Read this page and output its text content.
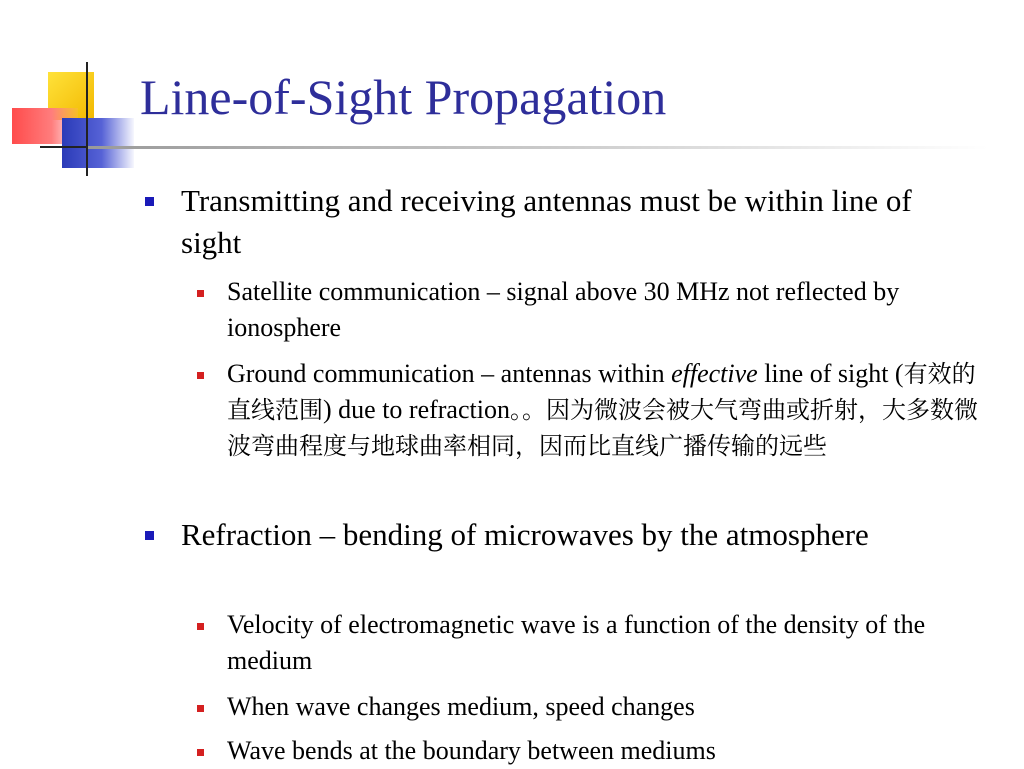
Line-of-Sight Propagation
Transmitting and receiving antennas must be within line of sight
Satellite communication – signal above 30 MHz not reflected by ionosphere
Ground communication – antennas within effective line of sight (有效的直线范围) due to refraction。。因为微波会被大气弯曲或折射，大多数微波弯曲程度与地球曲率相同，因而比直线广播传输的远些
Refraction – bending of microwaves by the atmosphere
Velocity of electromagnetic wave is a function of the density of the medium
When wave changes medium, speed changes
Wave bends at the boundary between mediums
